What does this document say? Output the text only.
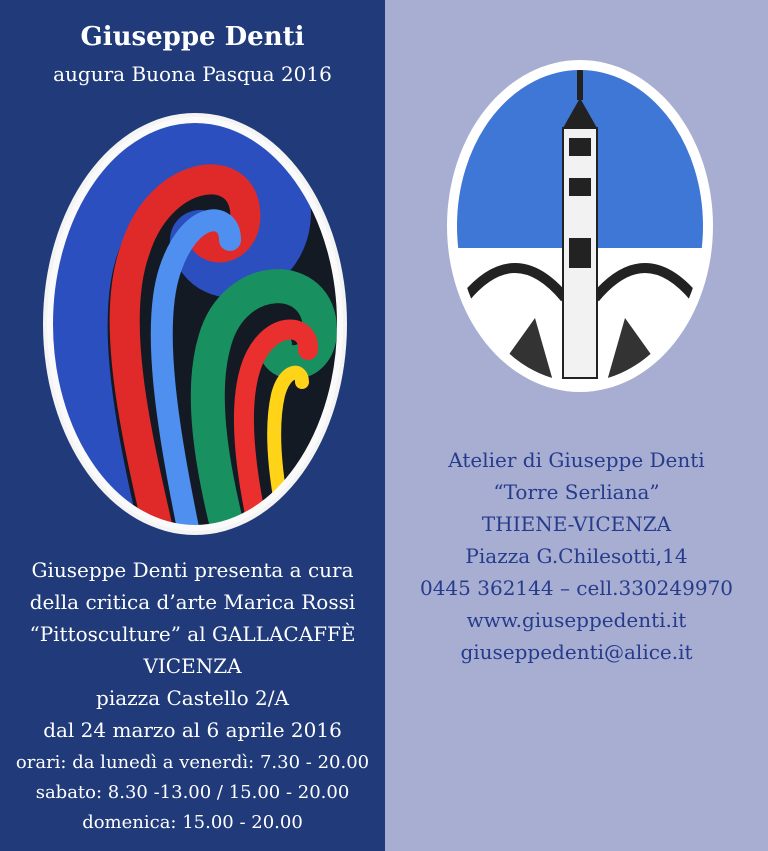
Giuseppe Denti
augura Buona Pasqua 2016
Giuseppe Denti presenta a cura
della critica d’arte Marica Rossi
“Pittosculture” al GALLACAFFÈ
VICENZA
piazza Castello 2/A
dal 24 marzo al 6 aprile 2016
orari: da lunedì a venerdì: 7.30 - 20.00
sabato: 8.30 -13.00 / 15.00 - 20.00
domenica: 15.00 - 20.00
Atelier di Giuseppe Denti
“Torre Serliana”
THIENE-VICENZA
Piazza G.Chilesotti,14
0445 362144 – cell.330249970
www.giuseppedenti.it
giuseppedenti@alice.it
